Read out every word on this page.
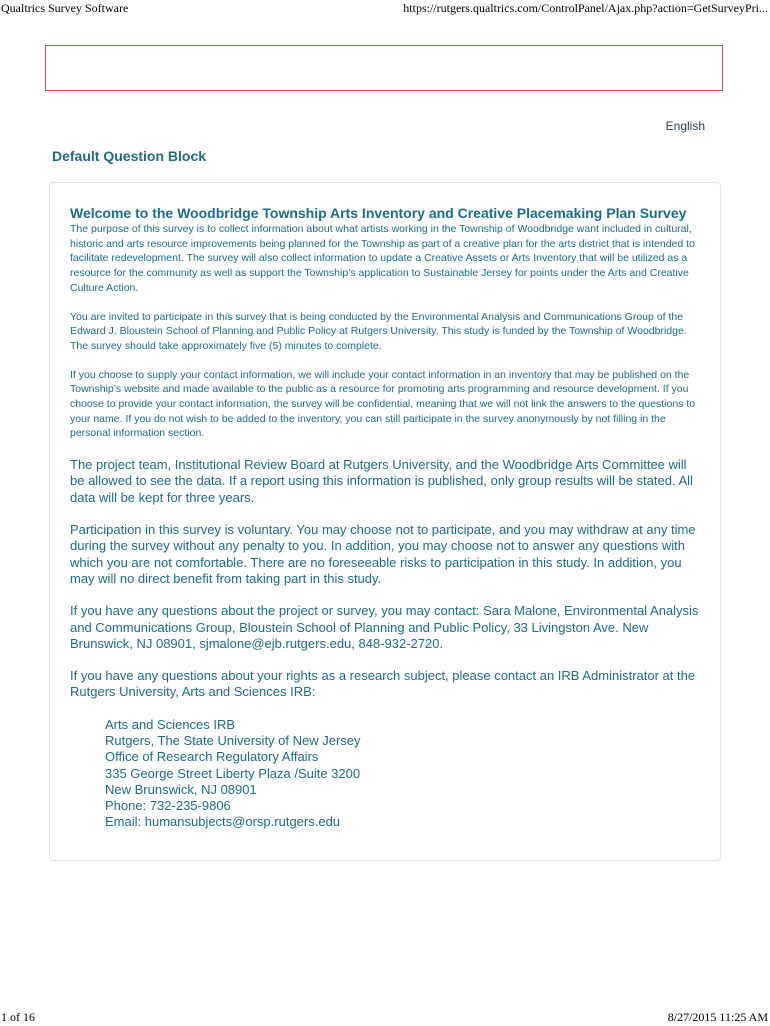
Qualtrics Survey Software	https://rutgers.qualtrics.com/ControlPanel/Ajax.php?action=GetSurveyPri...
English
Default Question Block
Welcome to the Woodbridge Township Arts Inventory and Creative Placemaking Plan Survey

The purpose of this survey is to collect information about what artists working in the Township of Woodbridge want included in cultural, historic and arts resource improvements being planned for the Township as part of a creative plan for the arts district that is intended to facilitate redevelopment. The survey will also collect information to update a Creative Assets or Arts Inventory that will be utilized as a resource for the community as well as support the Township’s application to Sustainable Jersey for points under the Arts and Creative Culture Action.

You are invited to participate in this survey that is being conducted by the Environmental Analysis and Communications Group of the Edward J. Bloustein School of Planning and Public Policy at Rutgers University. This study is funded by the Township of Woodbridge. The survey should take approximately five (5) minutes to complete.

If you choose to supply your contact information, we will include your contact information in an inventory that may be published on the Township’s website and made available to the public as a resource for promoting arts programming and resource development. If you choose to provide your contact information, the survey will be confidential, meaning that we will not link the answers to the questions to your name. If you do not wish to be added to the inventory, you can still participate in the survey anonymously by not filling in the personal information section.

The project team, Institutional Review Board at Rutgers University, and the Woodbridge Arts Committee will be allowed to see the data. If a report using this information is published, only group results will be stated. All data will be kept for three years.

Participation in this survey is voluntary. You may choose not to participate, and you may withdraw at any time during the survey without any penalty to you. In addition, you may choose not to answer any questions with which you are not comfortable. There are no foreseeable risks to participation in this study. In addition, you may will no direct benefit from taking part in this study.

If you have any questions about the project or survey, you may contact: Sara Malone, Environmental Analysis and Communications Group, Bloustein School of Planning and Public Policy, 33 Livingston Ave. New Brunswick, NJ 08901, sjmalone@ejb.rutgers.edu, 848-932-2720.

If you have any questions about your rights as a research subject, please contact an IRB Administrator at the Rutgers University, Arts and Sciences IRB:

Arts and Sciences IRB
Rutgers, The State University of New Jersey
Office of Research Regulatory Affairs
335 George Street Liberty Plaza /Suite 3200
New Brunswick, NJ 08901
Phone: 732-235-9806
Email: humansubjects@orsp.rutgers.edu
1 of 16	8/27/2015 11:25 AM
